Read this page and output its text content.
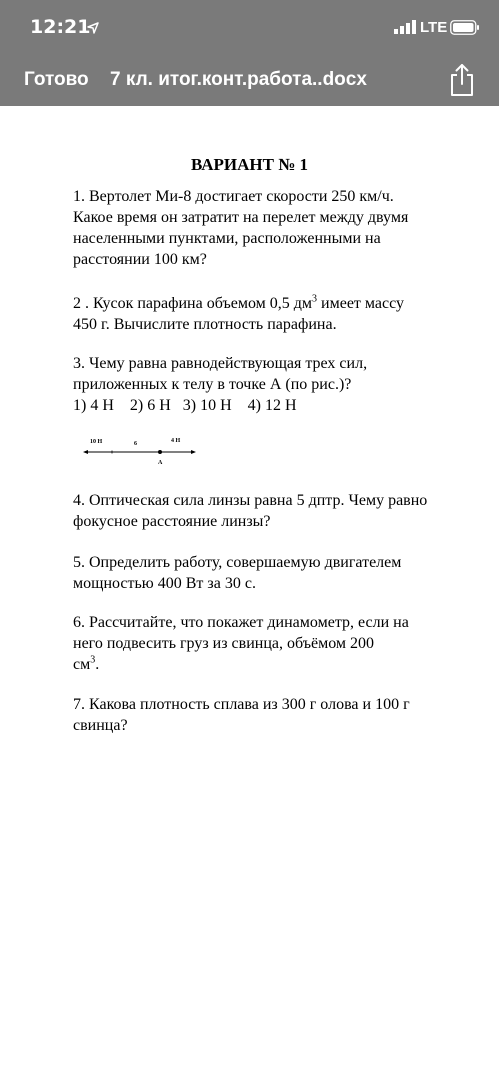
12:21	LTE
Готово 7 кл. итог.конт.работа..docx
ВАРИАНТ № 1
1. Вертолет Ми-8 достигает скорости 250 км/ч.
Какое время он затратит на перелет между двумя
населенными пунктами, расположенными на
расстоянии 100 км?
2 . Кусок парафина объемом 0,5 $дм^3$ имеет массу
450 г. Вычислите плотность парафина.
3. Чему равна равнодействующая трех сил,
приложенных к телу в точке А (по рис.)?
1) 4 Н    2) 6 Н   3) 10 Н    4) 12 Н
10 Н	6	4 Н
А
4. Оптическая сила линзы равна 5 дптр. Чему равно
фокусное расстояние линзы?
5. Определить работу, совершаемую двигателем
мощностью 400 Вт за 30 с.
6. Рассчитайте, что покажет динамометр, если на
него подвесить груз из свинца, объёмом 200
$см^3$.
7. Какова плотность сплава из 300 г олова и 100 г
свинца?
